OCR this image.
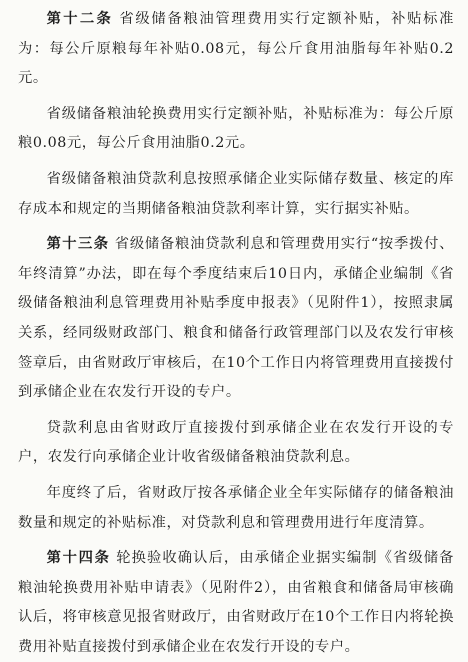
第十二条 省级储备粮油管理费用实行定额补贴，补贴标准为：每公斤原粮每年补贴0.08元，每公斤食用油脂每年补贴0.2元。

省级储备粮油轮换费用实行定额补贴，补贴标准为：每公斤原粮0.08元，每公斤食用油脂0.2元。

省级储备粮油贷款利息按照承储企业实际储存数量、核定的库存成本和规定的当期储备粮油贷款利率计算，实行据实补贴。

第十三条 省级储备粮油贷款利息和管理费用实行“按季拨付、年终清算”办法，即在每个季度结束后10日内，承储企业编制《省级储备粮油利息管理费用补贴季度申报表》（见附件1），按照隶属关系，经同级财政部门、粮食和储备行政管理部门以及农发行审核签章后，由省财政厅审核后，在10个工作日内将管理费用直接拨付到承储企业在农发行开设的专户。

贷款利息由省财政厅直接拨付到承储企业在农发行开设的专户，农发行向承储企业计收省级储备粮油贷款利息。

年度终了后，省财政厅按各承储企业全年实际储存的储备粮油数量和规定的补贴标准，对贷款利息和管理费用进行年度清算。

第十四条 轮换验收确认后，由承储企业据实编制《省级储备粮油轮换费用补贴申请表》（见附件2），由省粮食和储备局审核确认后，将审核意见报省财政厅，由省财政厅在10个工作日内将轮换费用补贴直接拨付到承储企业在农发行开设的专户。
